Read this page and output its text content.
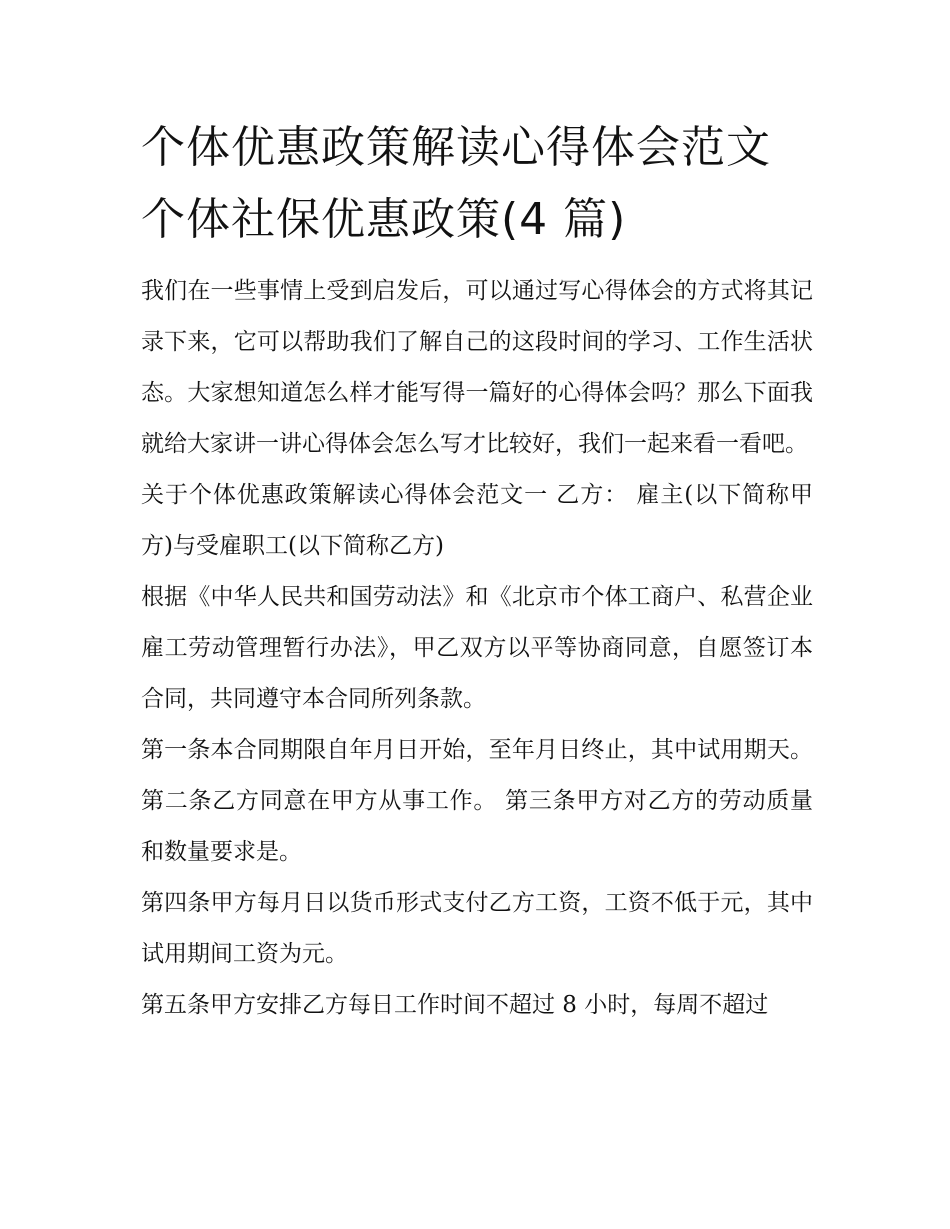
个体优惠政策解读心得体会范文 个体社保优惠政策(4 篇)

我们在一些事情上受到启发后，可以通过写心得体会的方式将其记录下来，它可以帮助我们了解自己的这段时间的学习、工作生活状态。大家想知道怎么样才能写得一篇好的心得体会吗？那么下面我就给大家讲一讲心得体会怎么写才比较好，我们一起来看一看吧。

关于个体优惠政策解读心得体会范文一 乙方： 雇主(以下简称甲方)与受雇职工(以下简称乙方)

根据《中华人民共和国劳动法》和《北京市个体工商户、私营企业雇工劳动管理暂行办法》，甲乙双方以平等协商同意，自愿签订本合同，共同遵守本合同所列条款。

第一条本合同期限自年月日开始，至年月日终止，其中试用期天。 第二条乙方同意在甲方从事工作。 第三条甲方对乙方的劳动质量和数量要求是。

第四条甲方每月日以货币形式支付乙方工资，工资不低于元，其中试用期间工资为元。

第五条甲方安排乙方每日工作时间不超过 8 小时，每周不超过
